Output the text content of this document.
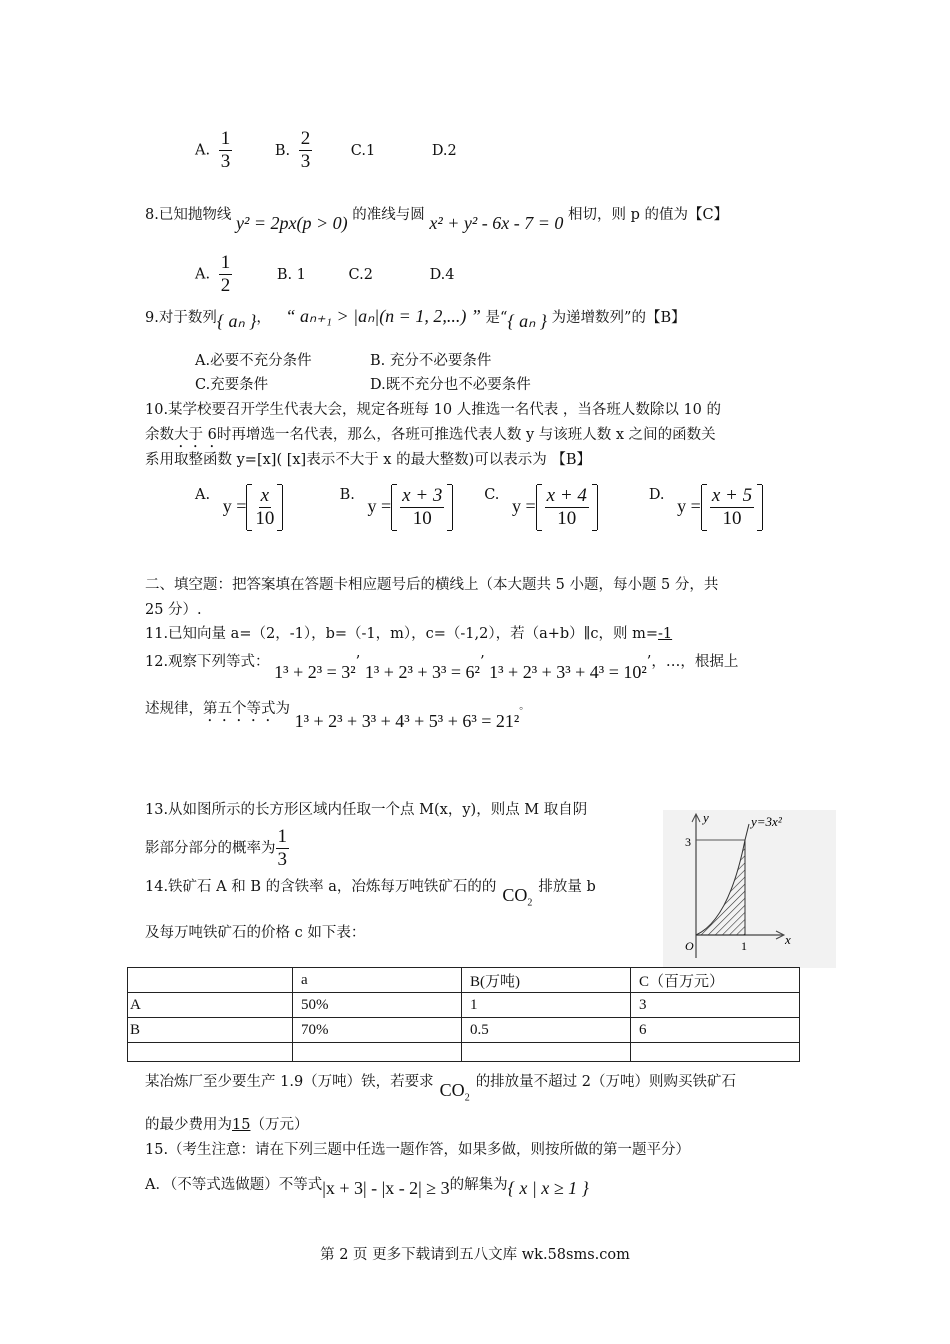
A. $\frac{1}{3}$	B. $\frac{2}{3}$	C.1	D.2
8.已知抛物线 y² = 2px(p > 0) 的准线与圆 x² + y² - 6x - 7 = 0 相切，则 p 的值为【C】
A. $\frac{1}{2}$	B. 1	C.2	D.4
9.对于数列{ aₙ }， “ aₙ₊₁ > |aₙ|(n = 1, 2,...) ” 是“{ aₙ } 为递增数列”的【B】
A.必要不充分条件	B. 充分不必要条件
C.充要条件	D.既不充分也不必要条件
10.某学校要召开学生代表大会，规定各班每 10 人推选一名代表 ，当各班人数除以 10 的
余数大于 6时再增选一名代表，那么，各班可推选代表人数 y 与该班人数 x 之间的函数关
系用取整函数 y=[x]( [x]表示不大于 x 的最大整数)可以表示为 【B】
A. $y = \frac{x}{10}$	B. $y = \frac{x + 3}{10}$	C. $y = \frac{x + 4}{10}$	D. $y = \frac{x + 5}{10}$
二、填空题：把答案填在答题卡相应题号后的横线上（本大题共 5 小题，每小题 5 分，共
25 分）.
11.已知向量 a=（2，-1），b=（-1，m），c=（-1,2），若（a+b）∥c，则 m=-1
12.观察下列等式： 1³ + 2³ = 3²’ 1³ + 2³ + 3³ = 6²’ 1³ + 2³ + 3³ + 4³ = 10²’，…，根据上
述规律，第五个等式为 1³ + 2³ + 3³ + 4³ + 5³ + 6³ = 21²。
13.从如图所示的长方形区域内任取一个点 M(x，y)，则点 M 取自阴
影部分部分的概率为 $\frac{1}{3}$
y	y=3x²
3
1
O	x
14.铁矿石 A 和 B 的含铁率 a，冶炼每万吨铁矿石的的 $CO_2$排放量 b
及每万吨铁矿石的价格 c 如下表：
	a	B(万吨)	C（百万元）
A	50%	1	3
B	70%	0.5	6

某冶炼厂至少要生产 1.9（万吨）铁，若要求 $CO_2$的排放量不超过 2（万吨）则购买铁矿石
的最少费用为15（万元）
15.（考生注意：请在下列三题中任选一题作答，如果多做，则按所做的第一题平分）
A．（不等式选做题）不等式|x + 3| - |x - 2| ≥ 3的解集为{ x | x ≥ 1 }
第 2 页 更多下载请到五八文库 wk.58sms.com
